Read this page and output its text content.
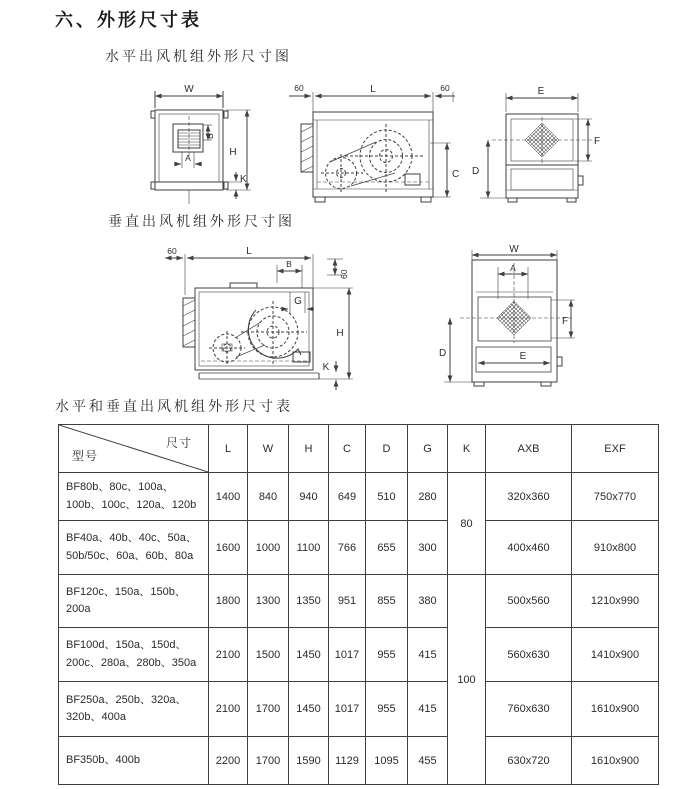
六、外形尺寸表
水平出风机组外形尺寸图
垂直出风机组外形尺寸图
水平和垂直出风机组外形尺寸表
W
B
A	H
K
60	L	60
C
E
F
D
60	L
B
60
G
H
K
W
A
F
D	E
尺寸
型号	L	W	H	C	D	G	K	AXB	EXF
BF80b、80c、100a、100b、100c、120a、120b	1400	840	940	649	510	280	80	320x360	750x770
BF40a、40b、40c、50a、50b/50c、60a、60b、80a	1600	1000	1100	766	655	300		400x460	910x800
BF120c、150a、150b、200a	1800	1300	1350	951	855	380	100	500x560	1210x990
BF100d、150a、150d、200c、280a、280b、350a	2100	1500	1450	1017	955	415		560x630	1410x900
BF250a、250b、320a、320b、400a	2100	1700	1450	1017	955	415		760x630	1610x900
BF350b、400b	2200	1700	1590	1129	1095	455		630x720	1610x900
